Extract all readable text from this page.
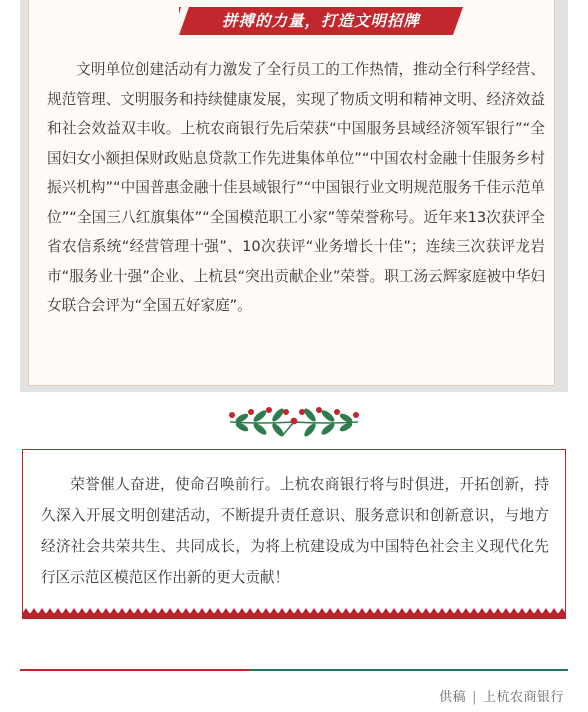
拼搏的力量，打造文明招牌

文明单位创建活动有力激发了全行员工的工作热情，推动全行科学经营、规范管理、文明服务和持续健康发展，实现了物质文明和精神文明、经济效益和社会效益双丰收。上杭农商银行先后荣获“中国服务县域经济领军银行”“全国妇女小额担保财政贴息贷款工作先进集体单位”“中国农村金融十佳服务乡村振兴机构”“中国普惠金融十佳县域银行”“中国银行业文明规范服务千佳示范单位”“全国三八红旗集体”“全国模范职工小家”等荣誉称号。近年来13次获评全省农信系统“经营管理十强”、10次获评“业务增长十佳”；连续三次获评龙岩市“服务业十强”企业、上杭县“突出贡献企业”荣誉。职工汤云辉家庭被中华妇女联合会评为“全国五好家庭”。

荣誉催人奋进，使命召唤前行。上杭农商银行将与时俱进，开拓创新，持久深入开展文明创建活动，不断提升责任意识、服务意识和创新意识，与地方经济社会共荣共生、共同成长，为将上杭建设成为中国特色社会主义现代化先行区示范区模范区作出新的更大贡献！

供稿 | 上杭农商银行
